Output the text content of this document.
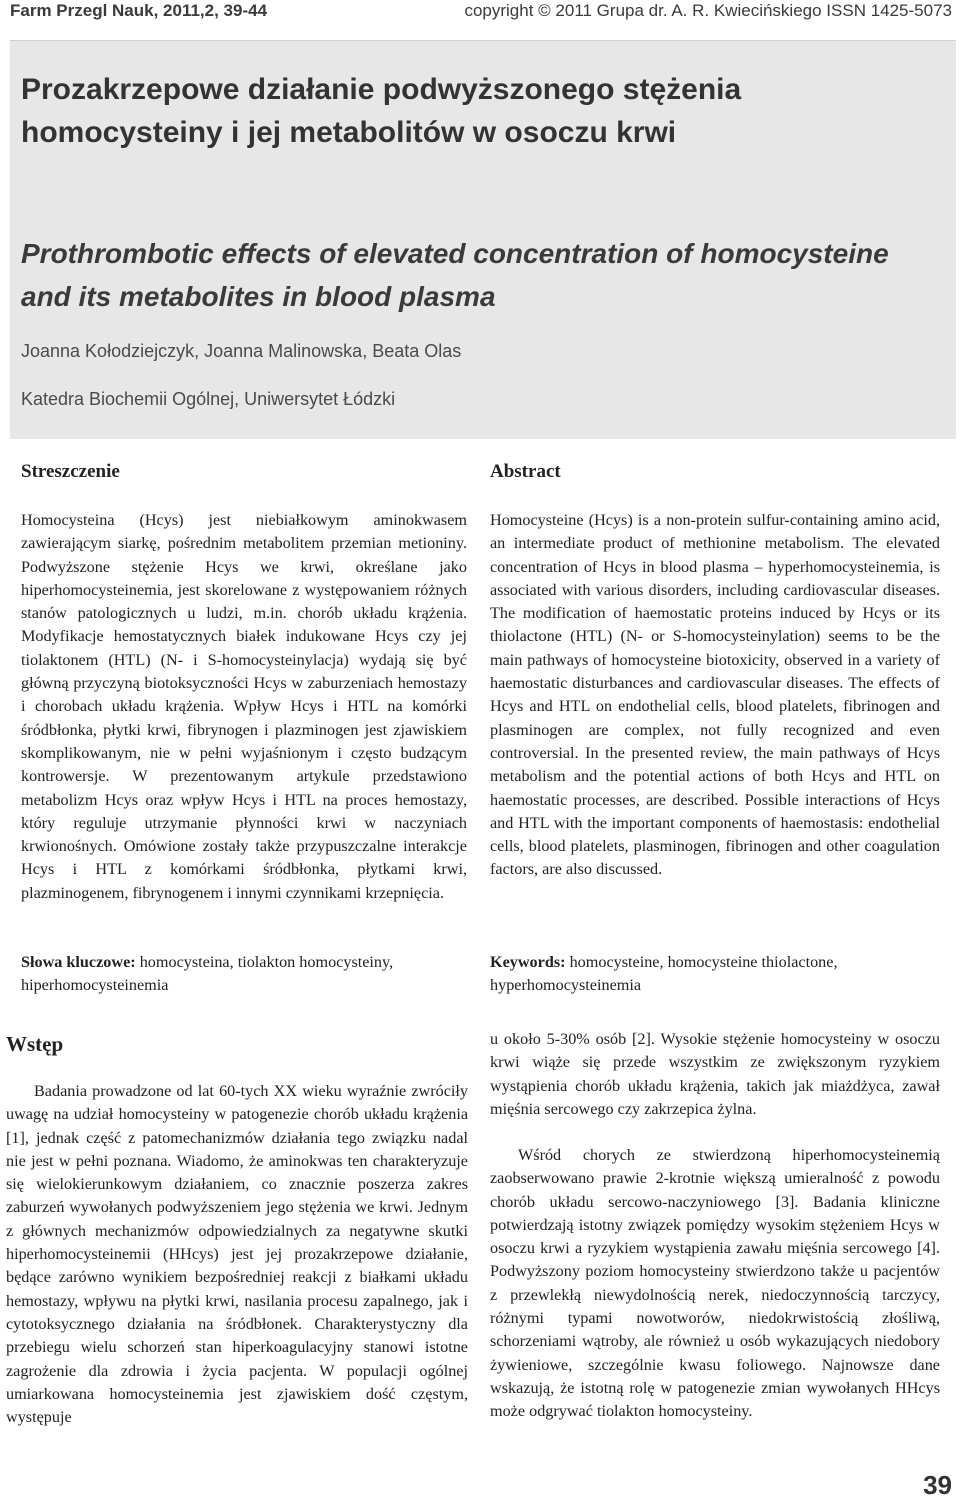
Farm Przegl Nauk, 2011,2, 39-44	copyright © 2011 Grupa dr. A. R. Kwiecińskiego ISSN 1425-5073
Prozakrzepowe działanie podwyższonego stężenia homocysteiny i jej metabolitów w osoczu krwi
Prothrombotic effects of elevated concentration of homocysteine and its metabolites in blood plasma
Joanna Kołodziejczyk, Joanna Malinowska, Beata Olas
Katedra Biochemii Ogólnej, Uniwersytet Łódzki
Streszczenie

Homocysteina (Hcys) jest niebiałkowym aminokwasem zawierającym siarkę, pośrednim metabolitem przemian metioniny. Podwyższone stężenie Hcys we krwi, określane jako hiperhomocysteinemia, jest skorelowane z występowaniem różnych stanów patologicznych u ludzi, m.in. chorób układu krążenia. Modyfikacje hemostatycznych białek indukowane Hcys czy jej tiolaktonem (HTL) (N- i S-homocysteinylacja) wydają się być główną przyczyną biotoksyczności Hcys w zaburzeniach hemostazy i chorobach układu krążenia. Wpływ Hcys i HTL na komórki śródbłonka, płytki krwi, fibrynogen i plazminogen jest zjawiskiem skomplikowanym, nie w pełni wyjaśnionym i często budzącym kontrowersje. W prezentowanym artykule przedstawiono metabolizm Hcys oraz wpływ Hcys i HTL na proces hemostazy, który reguluje utrzymanie płynności krwi w naczyniach krwionośnych. Omówione zostały także przypuszczalne interakcje Hcys i HTL z komórkami śródbłonka, płytkami krwi, plazminogenem, fibrynogenem i innymi czynnikami krzepnięcia.

Słowa kluczowe: homocysteina, tiolakton homocysteiny, hiperhomocysteinemia

Abstract

Homocysteine (Hcys) is a non-protein sulfur-containing amino acid, an intermediate product of methionine metabolism. The elevated concentration of Hcys in blood plasma – hyperhomocysteinemia, is associated with various disorders, including cardiovascular diseases. The modification of haemostatic proteins induced by Hcys or its thiolactone (HTL) (N- or S-homocysteinylation) seems to be the main pathways of homocysteine biotoxicity, observed in a variety of haemostatic disturbances and cardiovascular diseases. The effects of Hcys and HTL on endothelial cells, blood platelets, fibrinogen and plasminogen are complex, not fully recognized and even controversial. In the presented review, the main pathways of Hcys metabolism and the potential actions of both Hcys and HTL on haemostatic processes, are described. Possible interactions of Hcys and HTL with the important components of haemostasis: endothelial cells, blood platelets, plasminogen, fibrinogen and other coagulation factors, are also discussed.

Keywords: homocysteine, homocysteine thiolactone, hyperhomocysteinemia

Wstęp

Badania prowadzone od lat 60-tych XX wieku wyraźnie zwróciły uwagę na udział homocysteiny w patogenezie chorób układu krążenia [1], jednak część z patomechanizmów działania tego związku nadal nie jest w pełni poznana. Wiadomo, że aminokwas ten charakteryzuje się wielokierunkowym działaniem, co znacznie poszerza zakres zaburzeń wywołanych podwyższeniem jego stężenia we krwi. Jednym z głównych mechanizmów odpowiedzialnych za negatywne skutki hiperhomocysteinemii (HHcys) jest jej prozakrzepowe działanie, będące zarówno wynikiem bezpośredniej reakcji z białkami układu hemostazy, wpływu na płytki krwi, nasilania procesu zapalnego, jak i cytotoksycznego działania na śródbłonek. Charakterystyczny dla przebiegu wielu schorzeń stan hiperkoagulacyjny stanowi istotne zagrożenie dla zdrowia i życia pacjenta. W populacji ogólnej umiarkowana homocysteinemia jest zjawiskiem dość częstym, występuje

u około 5-30% osób [2]. Wysokie stężenie homocysteiny w osoczu krwi wiąże się przede wszystkim ze zwiększonym ryzykiem wystąpienia chorób układu krążenia, takich jak miażdżyca, zawał mięśnia sercowego czy zakrzepica żylna.

Wśród chorych ze stwierdzoną hiperhomocysteinemią zaobserwowano prawie 2-krotnie większą umieralność z powodu chorób układu sercowo-naczyniowego [3]. Badania kliniczne potwierdzają istotny związek pomiędzy wysokim stężeniem Hcys w osoczu krwi a ryzykiem wystąpienia zawału mięśnia sercowego [4]. Podwyższony poziom homocysteiny stwierdzono także u pacjentów z przewlekłą niewydolnością nerek, niedoczynnością tarczycy, różnymi typami nowotworów, niedokrwistością złośliwą, schorzeniami wątroby, ale również u osób wykazujących niedobory żywieniowe, szczególnie kwasu foliowego. Najnowsze dane wskazują, że istotną rolę w patogenezie zmian wywołanych HHcys może odgrywać tiolakton homocysteiny.

39
